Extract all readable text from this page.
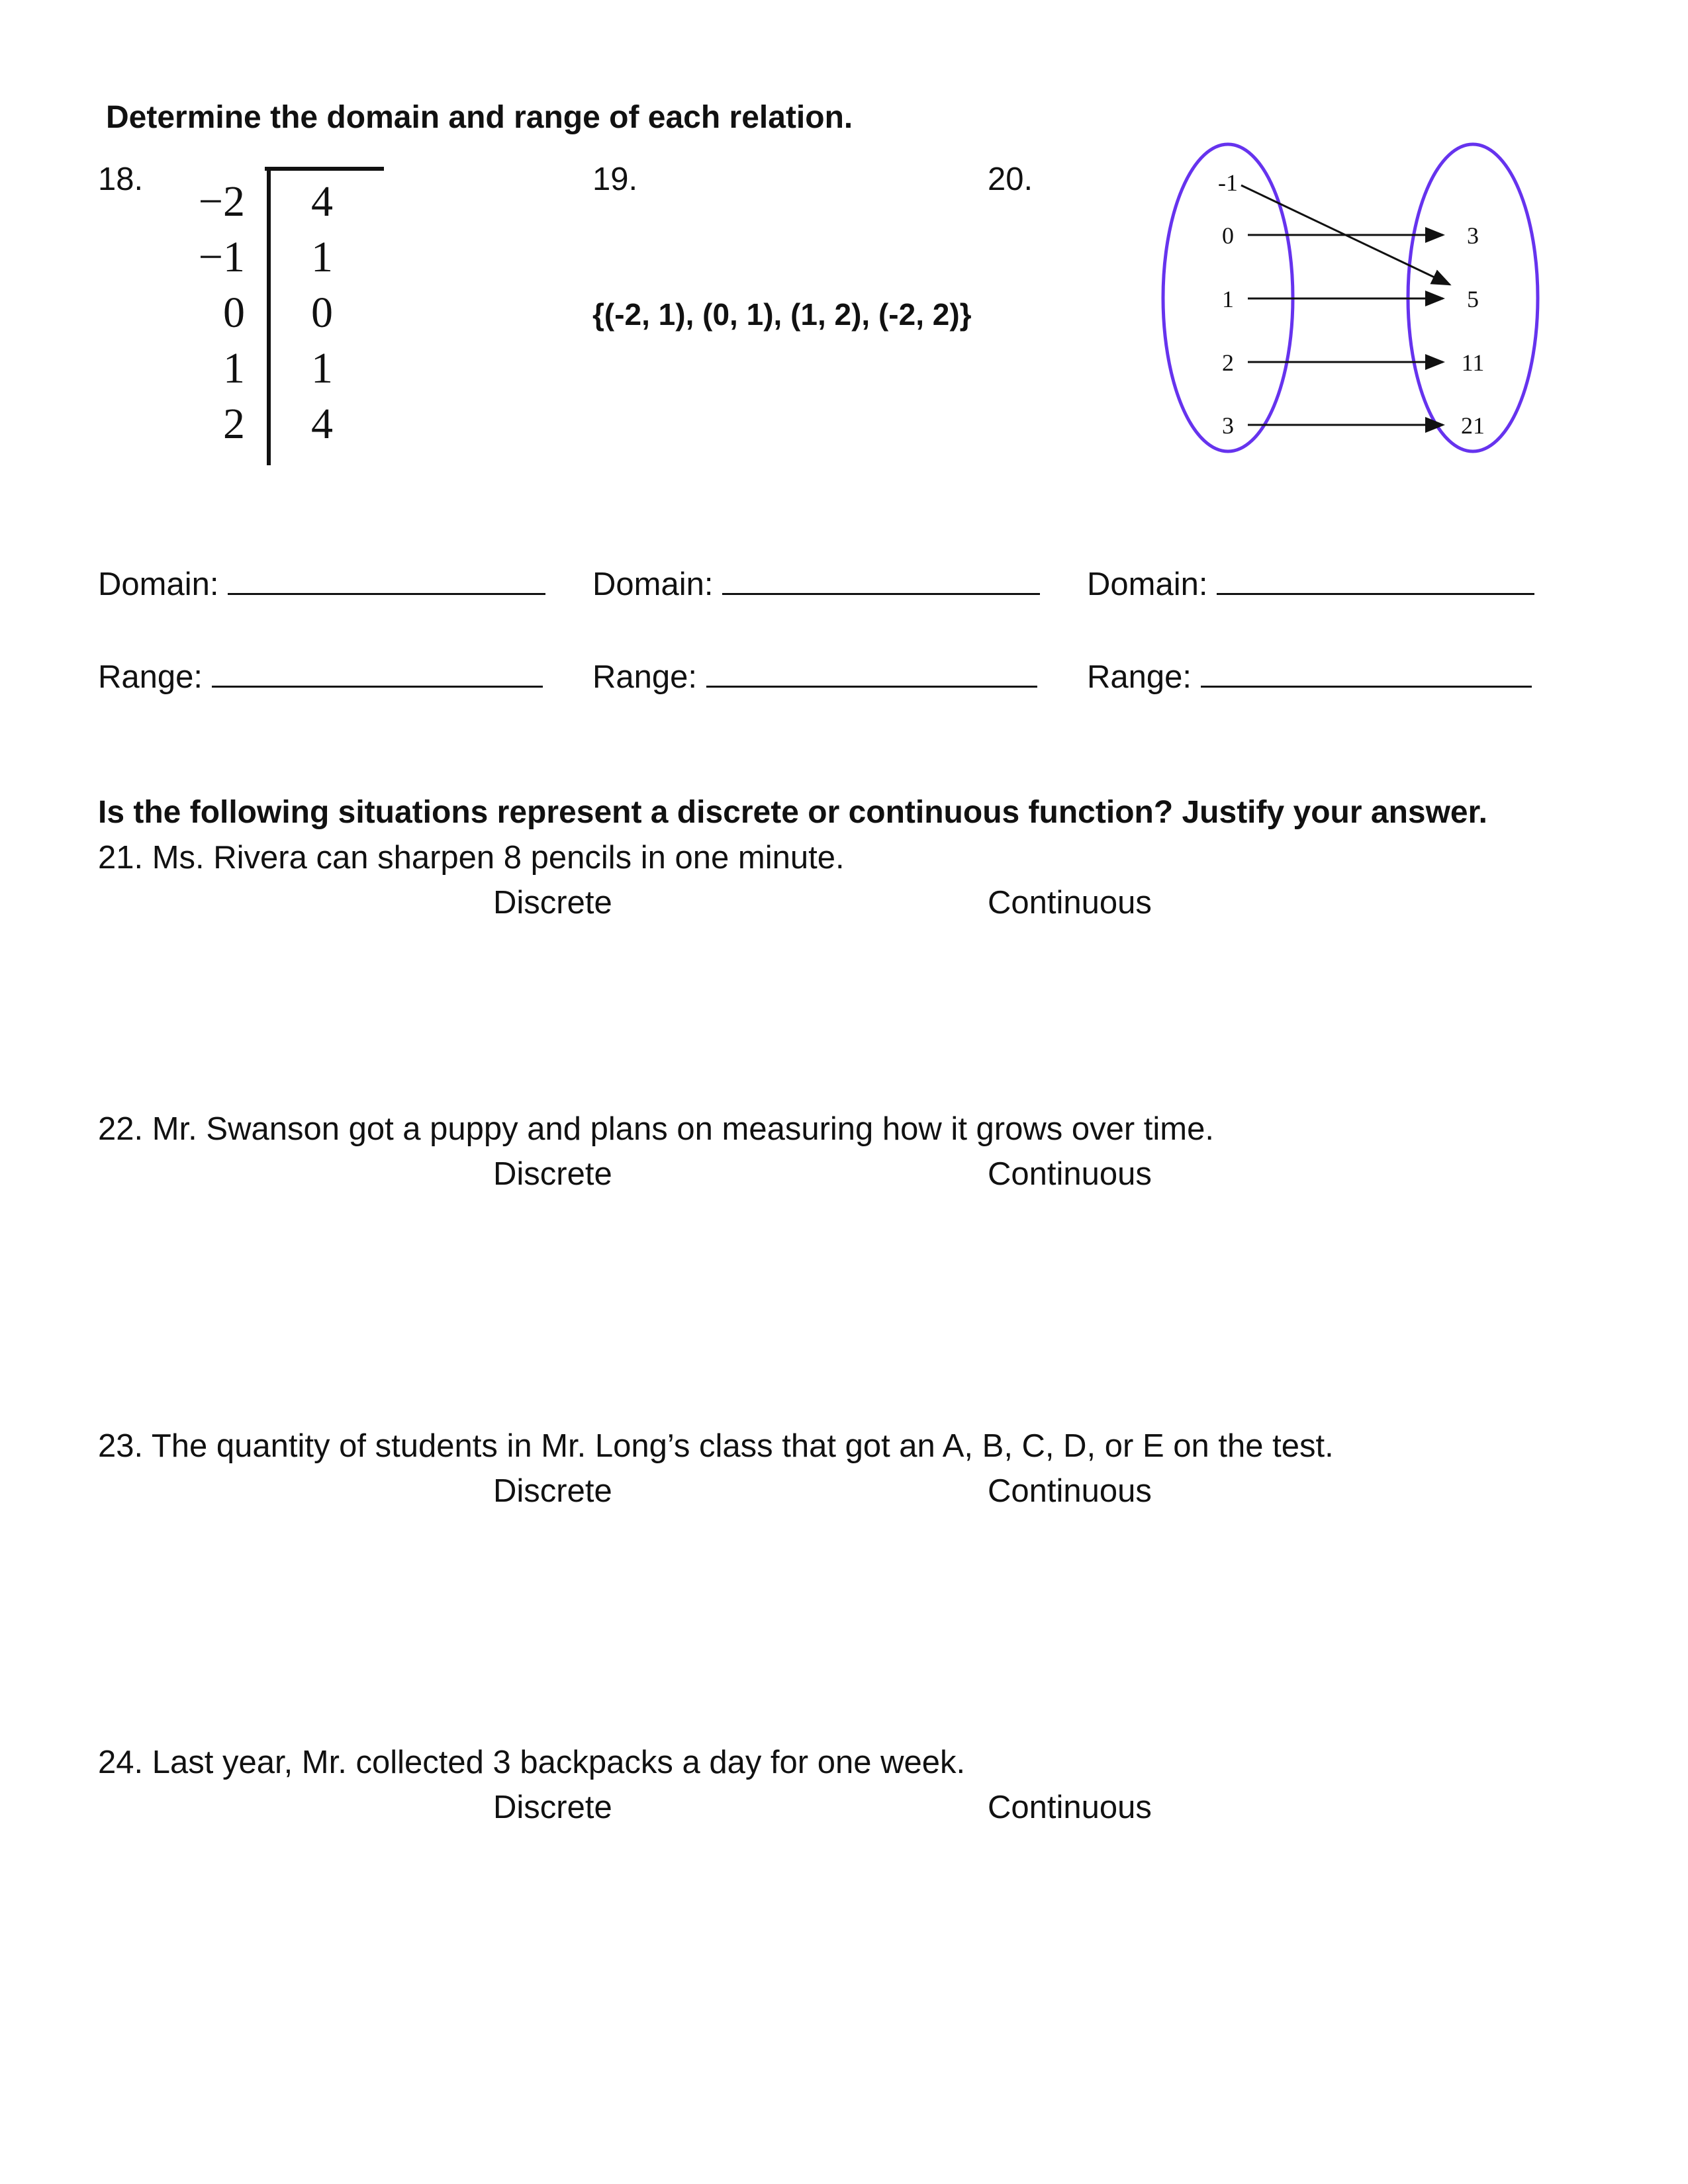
Determine the domain and range of each relation.
18. −2 4
−1 1
0 0
1 1
2 4
19.
{(-2, 1), (0, 1), (1, 2), (-2, 2)}
20.	-1
0
1
2
3
3
5
11
21
Domain:	Domain:	Domain:
Range:	Range:	Range:
Is the following situations represent a discrete or continuous function? Justify your answer.
21. Ms. Rivera can sharpen 8 pencils in one minute.
Discrete	Continuous
22. Mr. Swanson got a puppy and plans on measuring how it grows over time.
Discrete	Continuous
23. The quantity of students in Mr. Long’s class that got an A, B, C, D, or E on the test.
Discrete	Continuous
24. Last year, Mr. collected 3 backpacks a day for one week.
Discrete	Continuous
